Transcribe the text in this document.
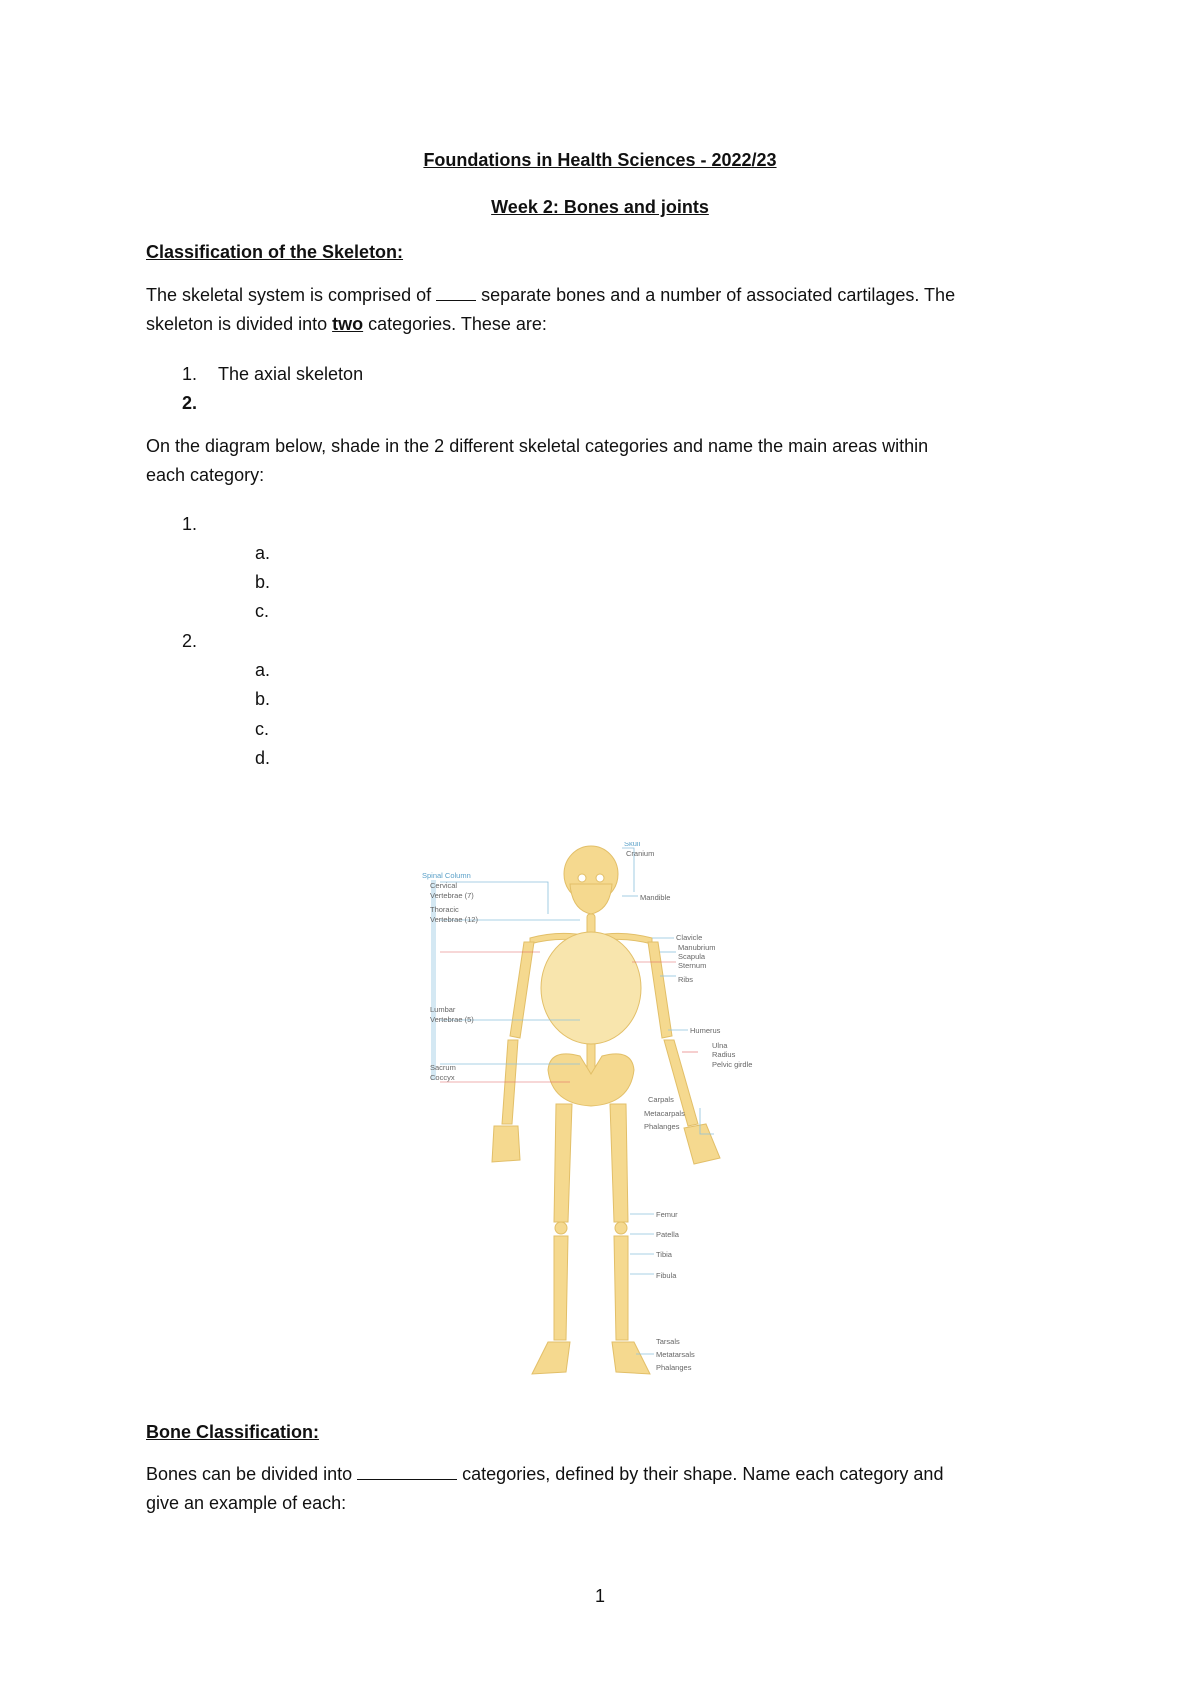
Foundations in Health Sciences - 2022/23
Week 2: Bones and joints
Classification of the Skeleton:
The skeletal system is comprised of  separate bones and a number of associated cartilages. The
skeleton is divided into two categories. These are:
1. The axial skeleton
2.
On the diagram below, shade in the 2 different skeletal categories and name the main areas within
each category:
1.
a.
b.
c.
2.
a.
b.
c.
d.
Spinal Column
Cervical
Vertebrae (7)
Thoracic
Vertebrae (12)
Lumbar
Vertebrae (5)
Sacrum
Coccyx
Skull
Cranium
Mandible
Clavicle
Manubrium
Scapula
Sternum
Ribs
Humerus
Ulna
Radius
Pelvic girdle
Carpals
Metacarpals
Phalanges
Femur
Patella
Tibia
Fibula
Tarsals
Metatarsals
Phalanges
Bone Classification:
Bones can be divided into	categories, defined by their shape. Name each category and
give an example of each:
1
